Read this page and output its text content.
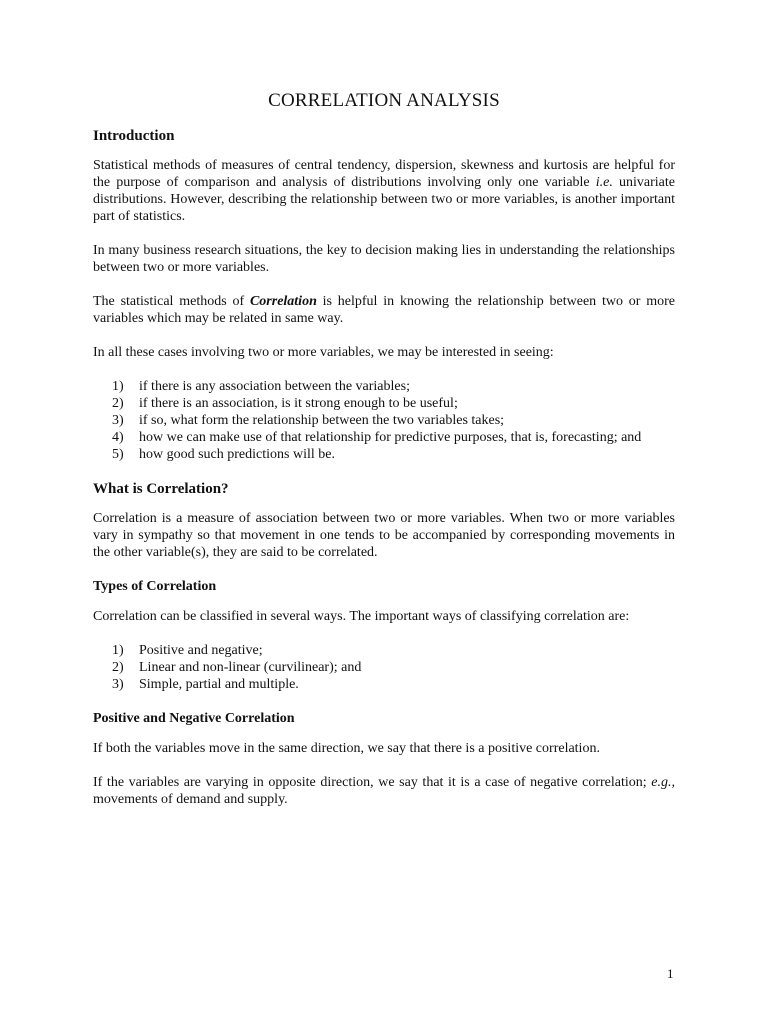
CORRELATION ANALYSIS
Introduction

Statistical methods of measures of central tendency, dispersion, skewness and kurtosis are helpful for the purpose of comparison and analysis of distributions involving only one variable i.e. univariate distributions. However, describing the relationship between two or more variables, is another important part of statistics.

In many business research situations, the key to decision making lies in understanding the relationships between two or more variables.

The statistical methods of Correlation is helpful in knowing the relationship between two or more variables which may be related in same way.

In all these cases involving two or more variables, we may be interested in seeing:

1) if there is any association between the variables;
2) if there is an association, is it strong enough to be useful;
3) if so, what form the relationship between the two variables takes;
4) how we can make use of that relationship for predictive purposes, that is, forecasting; and
5) how good such predictions will be.
What is Correlation?

Correlation is a measure of association between two or more variables. When two or more variables vary in sympathy so that movement in one tends to be accompanied by corresponding movements in the other variable(s), they are said to be correlated.

Types of Correlation

Correlation can be classified in several ways. The important ways of classifying correlation are:

1) Positive and negative;
2) Linear and non-linear (curvilinear); and
3) Simple, partial and multiple.
Positive and Negative Correlation

If both the variables move in the same direction, we say that there is a positive correlation.

If the variables are varying in opposite direction, we say that it is a case of negative correlation; e.g., movements of demand and supply.

1
